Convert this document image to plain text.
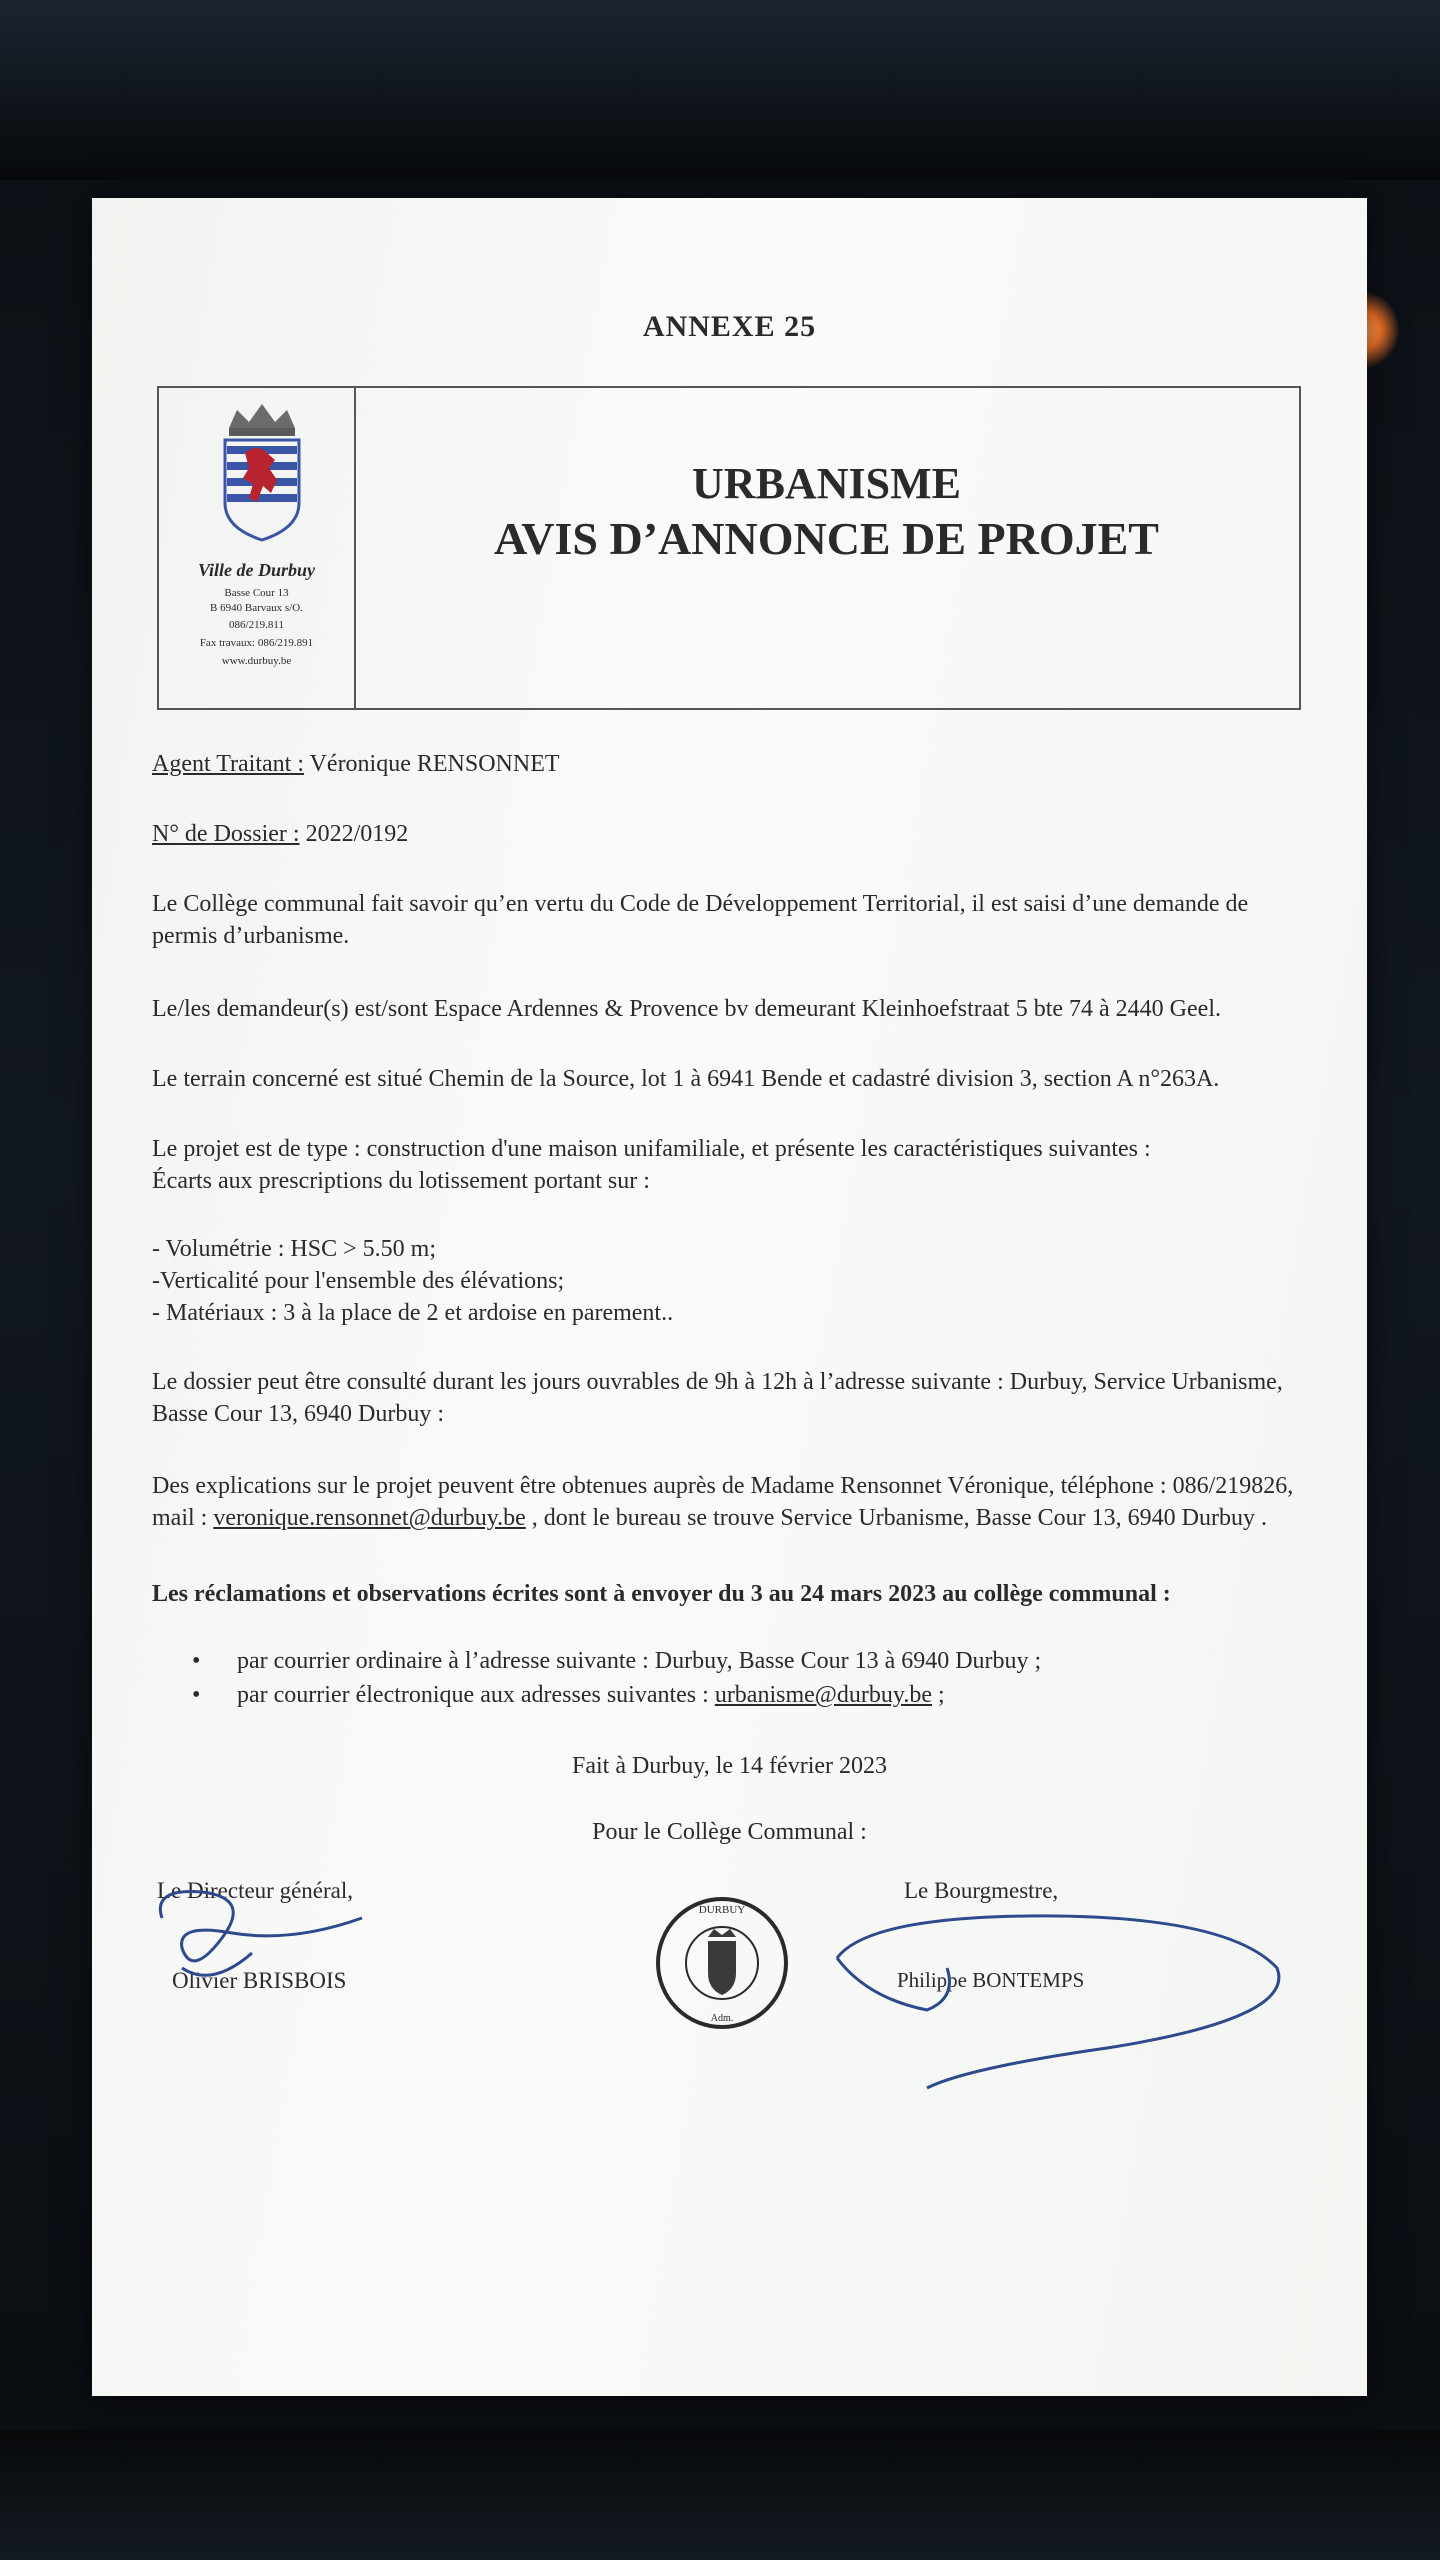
ANNEXE 25
Ville de Durbuy
Basse Cour 13
B 6940 Barvaux s/O.
086/219.811
Fax travaux: 086/219.891
www.durbuy.be
URBANISME
AVIS D’ANNONCE DE PROJET
Agent Traitant : Véronique RENSONNET
N° de Dossier : 2022/0192
Le Collège communal fait savoir qu’en vertu du Code de Développement Territorial, il est saisi d’une demande de permis d’urbanisme.
Le/les demandeur(s) est/sont Espace Ardennes & Provence bv demeurant Kleinhoefstraat 5 bte 74 à 2440 Geel.
Le terrain concerné est situé Chemin de la Source, lot 1 à 6941 Bende et cadastré division 3, section A n°263A.
Le projet est de type : construction d'une maison unifamiliale, et présente les caractéristiques suivantes :
Écarts aux prescriptions du lotissement portant sur :
- Volumétrie : HSC > 5.50 m;
-Verticalité pour l'ensemble des élévations;
- Matériaux : 3 à la place de 2 et ardoise en parement..
Le dossier peut être consulté durant les jours ouvrables de 9h à 12h à l’adresse suivante : Durbuy, Service Urbanisme, Basse Cour 13, 6940 Durbuy :
Des explications sur le projet peuvent être obtenues auprès de Madame Rensonnet Véronique, téléphone : 086/219826, mail : veronique.rensonnet@durbuy.be , dont le bureau se trouve Service Urbanisme, Basse Cour 13, 6940 Durbuy .
Les réclamations et observations écrites sont à envoyer du 3 au 24 mars 2023 au collège communal :
• par courrier ordinaire à l’adresse suivante : Durbuy, Basse Cour 13 à 6940 Durbuy ;
• par courrier électronique aux adresses suivantes : urbanisme@durbuy.be ;
Fait à Durbuy, le 14 février 2023
Pour le Collège Communal :
Le Directeur général,
Olivier BRISBOIS
DURBUY
Adm.
Le Bourgmestre,
Philippe BONTEMPS
